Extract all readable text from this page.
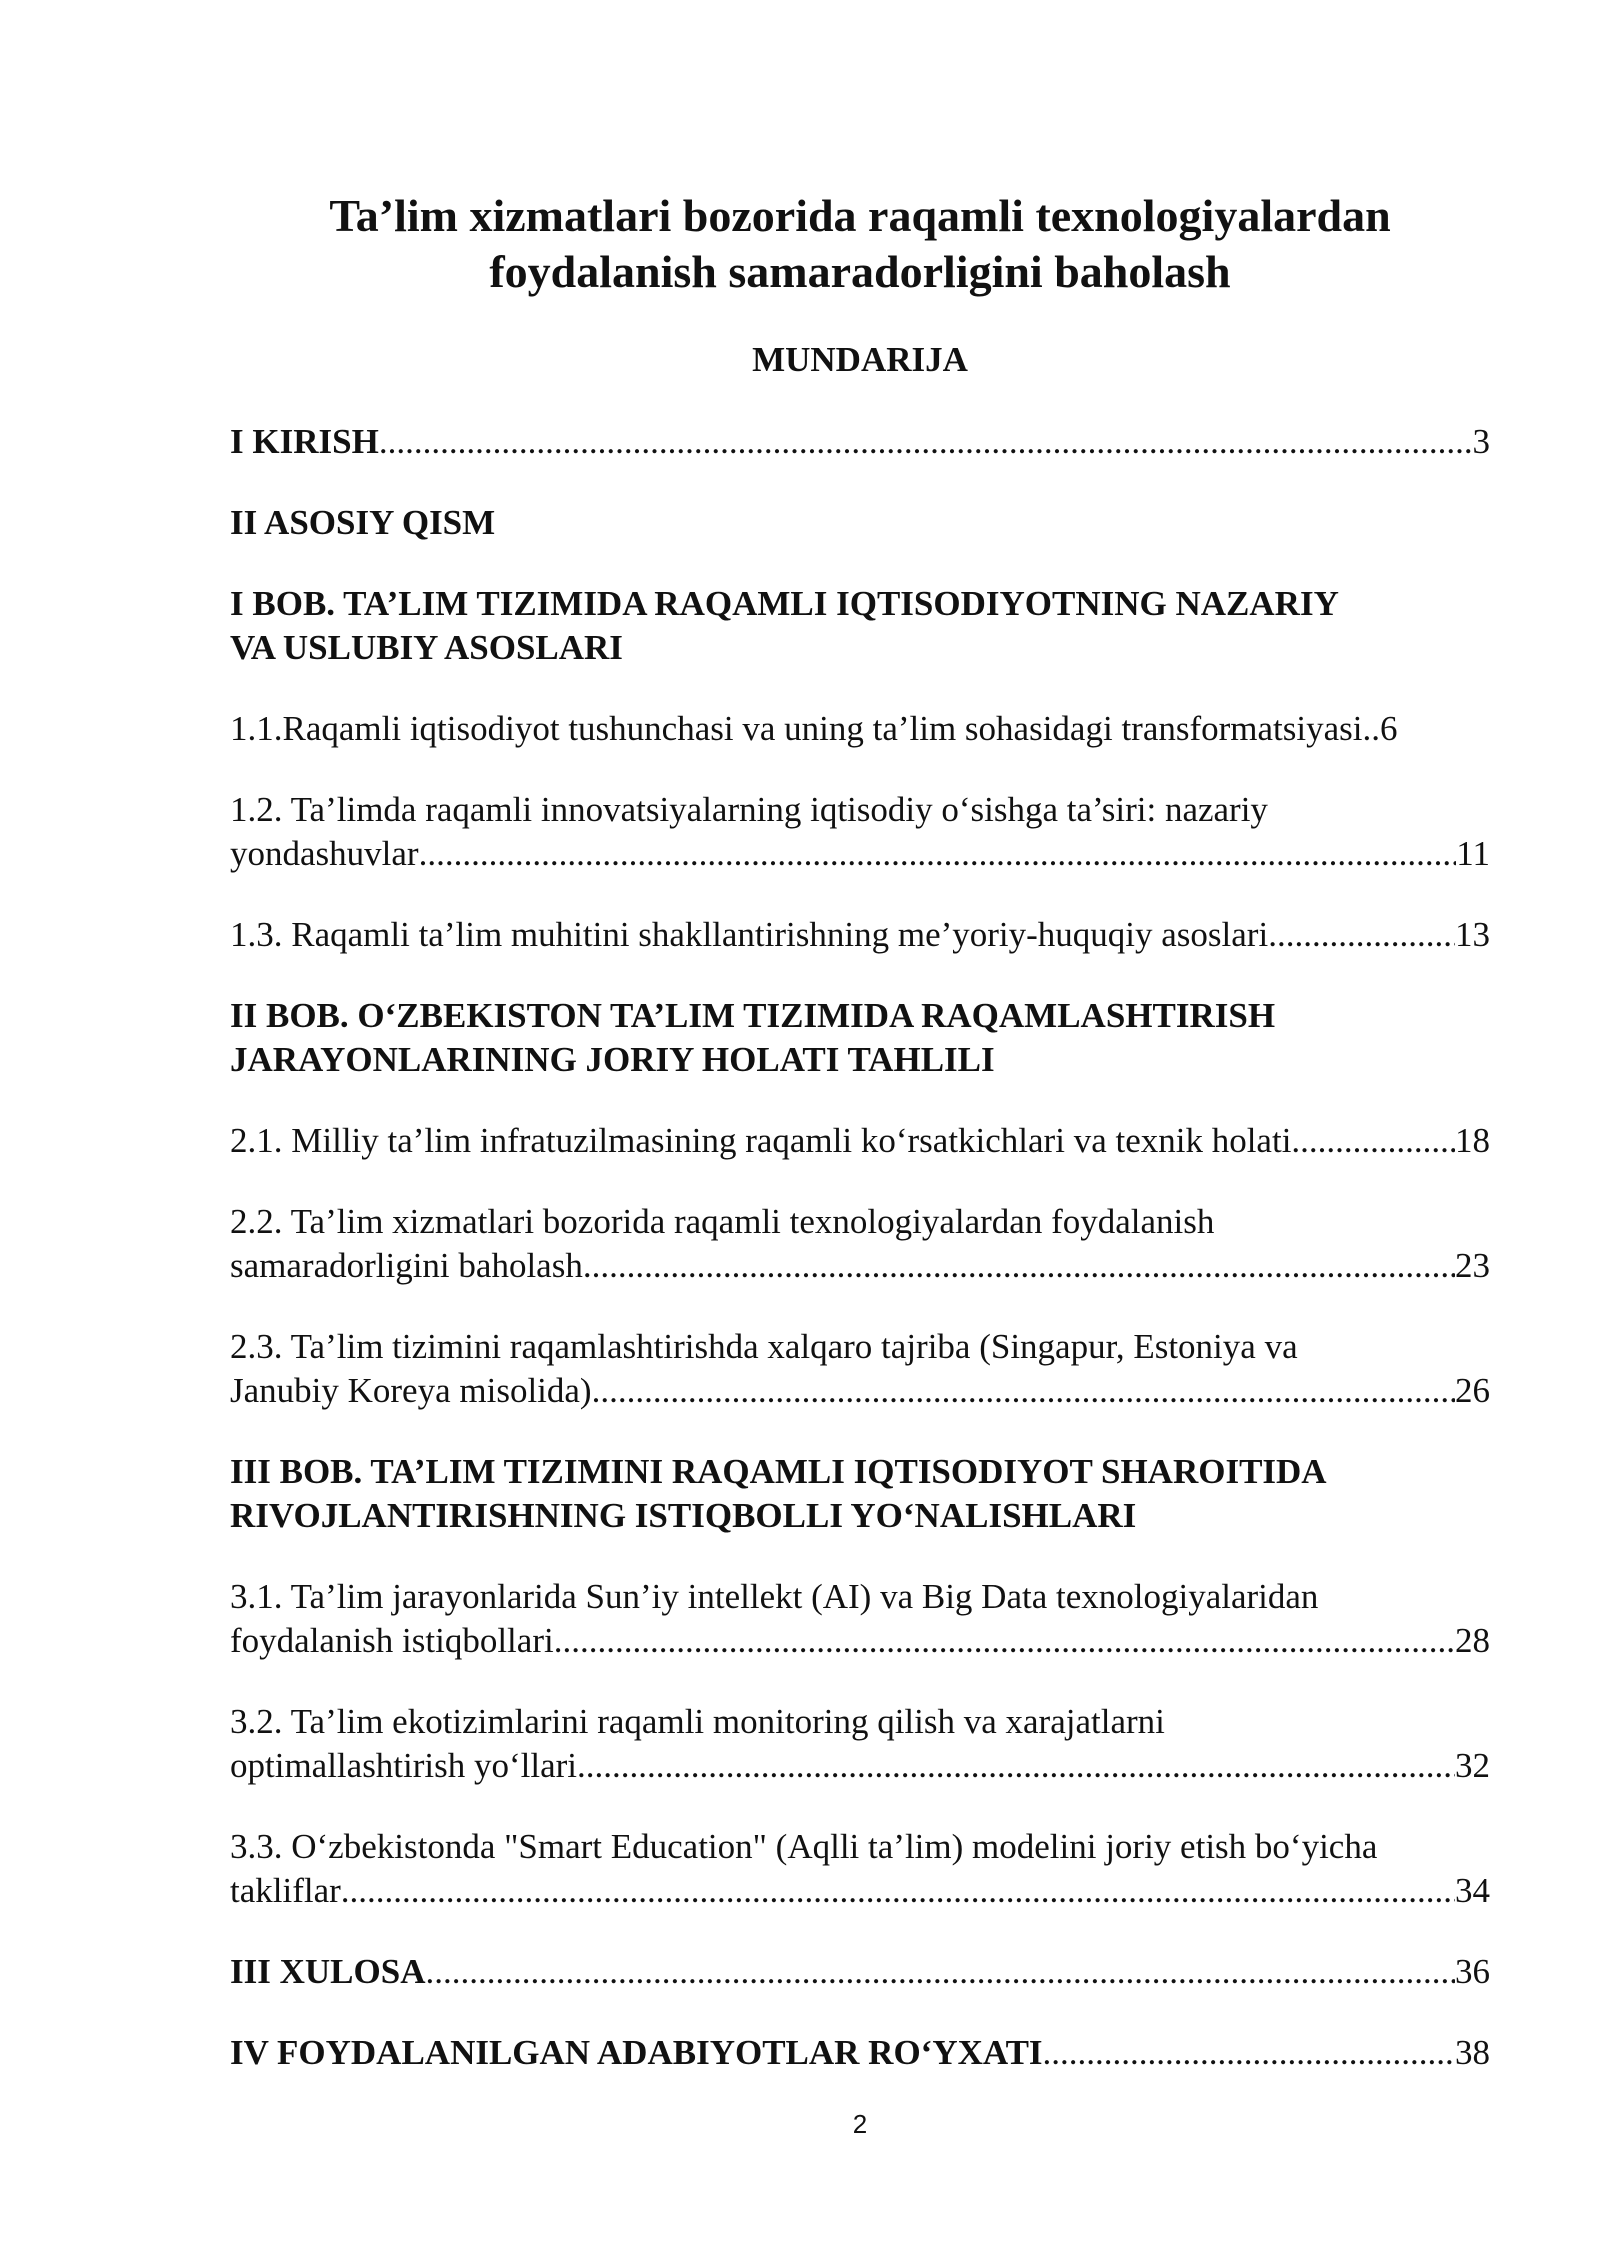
Ta’lim xizmatlari bozorida raqamli texnologiyalardan
foydalanish samaradorligini baholash
MUNDARIJA
I KIRISH .....	3
II ASOSIY QISM
I BOB. TA’LIM TIZIMIDA RAQAMLI IQTISODIYOTNING NAZARIY
VA USLUBIY ASOSLARI
1.1.Raqamli iqtisodiyot tushunchasi va uning ta’lim sohasidagi transformatsiyasi.. 6
1.2. Ta’limda raqamli innovatsiyalarning iqtisodiy o‘sishga ta’siri: nazariy
yondashuvlar .....	11
1.3. Raqamli ta’lim muhitini shakllantirishning me’yoriy-huquqiy asoslari .....	13
II BOB. O‘ZBEKISTON TA’LIM TIZIMIDA RAQAMLASHTIRISH
JARAYONLARINING JORIY HOLATI TAHLILI
2.1. Milliy ta’lim infratuzilmasining raqamli ko‘rsatkichlari va texnik holati .....	18
2.2. Ta’lim xizmatlari bozorida raqamli texnologiyalardan foydalanish
samaradorligini baholash .....	23
2.3. Ta’lim tizimini raqamlashtirishda xalqaro tajriba (Singapur, Estoniya va
Janubiy Koreya misolida) .....	26
III BOB. TA’LIM TIZIMINI RAQAMLI IQTISODIYOT SHAROITIDA
RIVOJLANTIRISHNING ISTIQBOLLI YO‘NALISHLARI
3.1. Ta’lim jarayonlarida Sun’iy intellekt (AI) va Big Data texnologiyalaridan
foydalanish istiqbollari .....	28
3.2. Ta’lim ekotizimlarini raqamli monitoring qilish va xarajatlarni
optimallashtirish yo‘llari .....	32
3.3. O‘zbekistonda "Smart Education" (Aqlli ta’lim) modelini joriy etish bo‘yicha
takliflar .....	34
III XULOSA .....	36
IV FOYDALANILGAN ADABIYOTLAR RO‘YXATI .....	38
2
